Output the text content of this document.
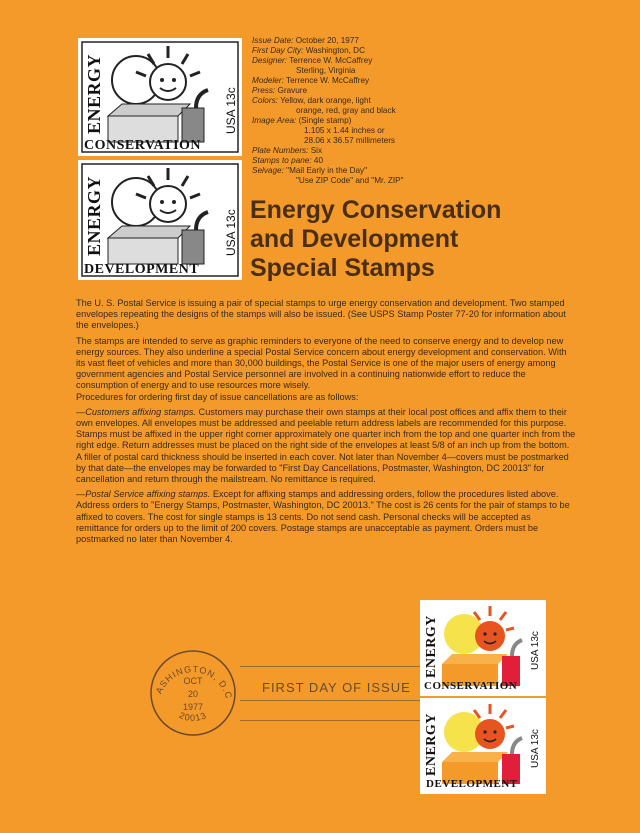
ENERGY
CONSERVATION
USA 13c
ENERGY
DEVELOPMENT
USA 13c
Issue Date: October 20, 1977
First Day City: Washington, DC
Designer: Terrence W. McCaffrey
Sterling, Virginia
Modeler: Terrence W. McCaffrey
Press: Gravure
Colors: Yellow, dark orange, light
orange, red, gray and black
Image Area: (Single stamp)
1.105 x 1.44 inches or
28.06 x 36.57 millimeters
Plate Numbers: Six
Stamps to pane: 40
Selvage: "Mail Early in the Day"
"Use ZIP Code" and "Mr. ZIP"
Energy Conservation
and Development
Special Stamps

The U. S. Postal Service is issuing a pair of special stamps to urge energy conservation and development. Two stamped envelopes repeating the designs of the stamps will also be issued. (See USPS Stamp Poster 77-20 for information about the envelopes.)

The stamps are intended to serve as graphic reminders to everyone of the need to conserve energy and to develop new energy sources. They also underline a special Postal Service concern about energy development and conservation. With its vast fleet of vehicles and more than 30,000 buildings, the Postal Service is one of the major users of energy among government agencies and Postal Service personnel are involved in a continuing nationwide effort to reduce the consumption of energy and to use resources more wisely.

Procedures for ordering first day of issue cancellations are as follows:

—Customers affixing stamps. Customers may purchase their own stamps at their local post offices and affix them to their own envelopes. All envelopes must be addressed and peelable return address labels are recommended for this purpose. Stamps must be affixed in the upper right corner approximately one quarter inch from the top and one quarter inch from the right edge. Return addresses must be placed on the right side of the envelopes at least 5/8 of an inch up from the bottom. A filler of postal card thickness should be inserted in each cover. Not later than November 4—covers must be postmarked by that date—the envelopes may be forwarded to "First Day Cancellations, Postmaster, Washington, DC 20013" for cancellation and return through the mailstream. No remittance is required.

—Postal Service affixing stamps. Except for affixing stamps and addressing orders, follow the procedures listed above. Address orders to "Energy Stamps, Postmaster, Washington, DC 20013." The cost is 26 cents for the pair of stamps to be affixed to covers. The cost for single stamps is 13 cents. Do not send cash. Personal checks will be accepted as remittance for orders up to the limit of 200 covers. Postage stamps are unacceptable as payment. Orders must be postmarked no later than November 4.

ASHINGTON, D.C
20013
OCT
20
1977
FIRST DAY OF ISSUE
ENERGY
CONSERVATION
USA 13c
ENERGY
DEVELOPMENT
USA 13c
